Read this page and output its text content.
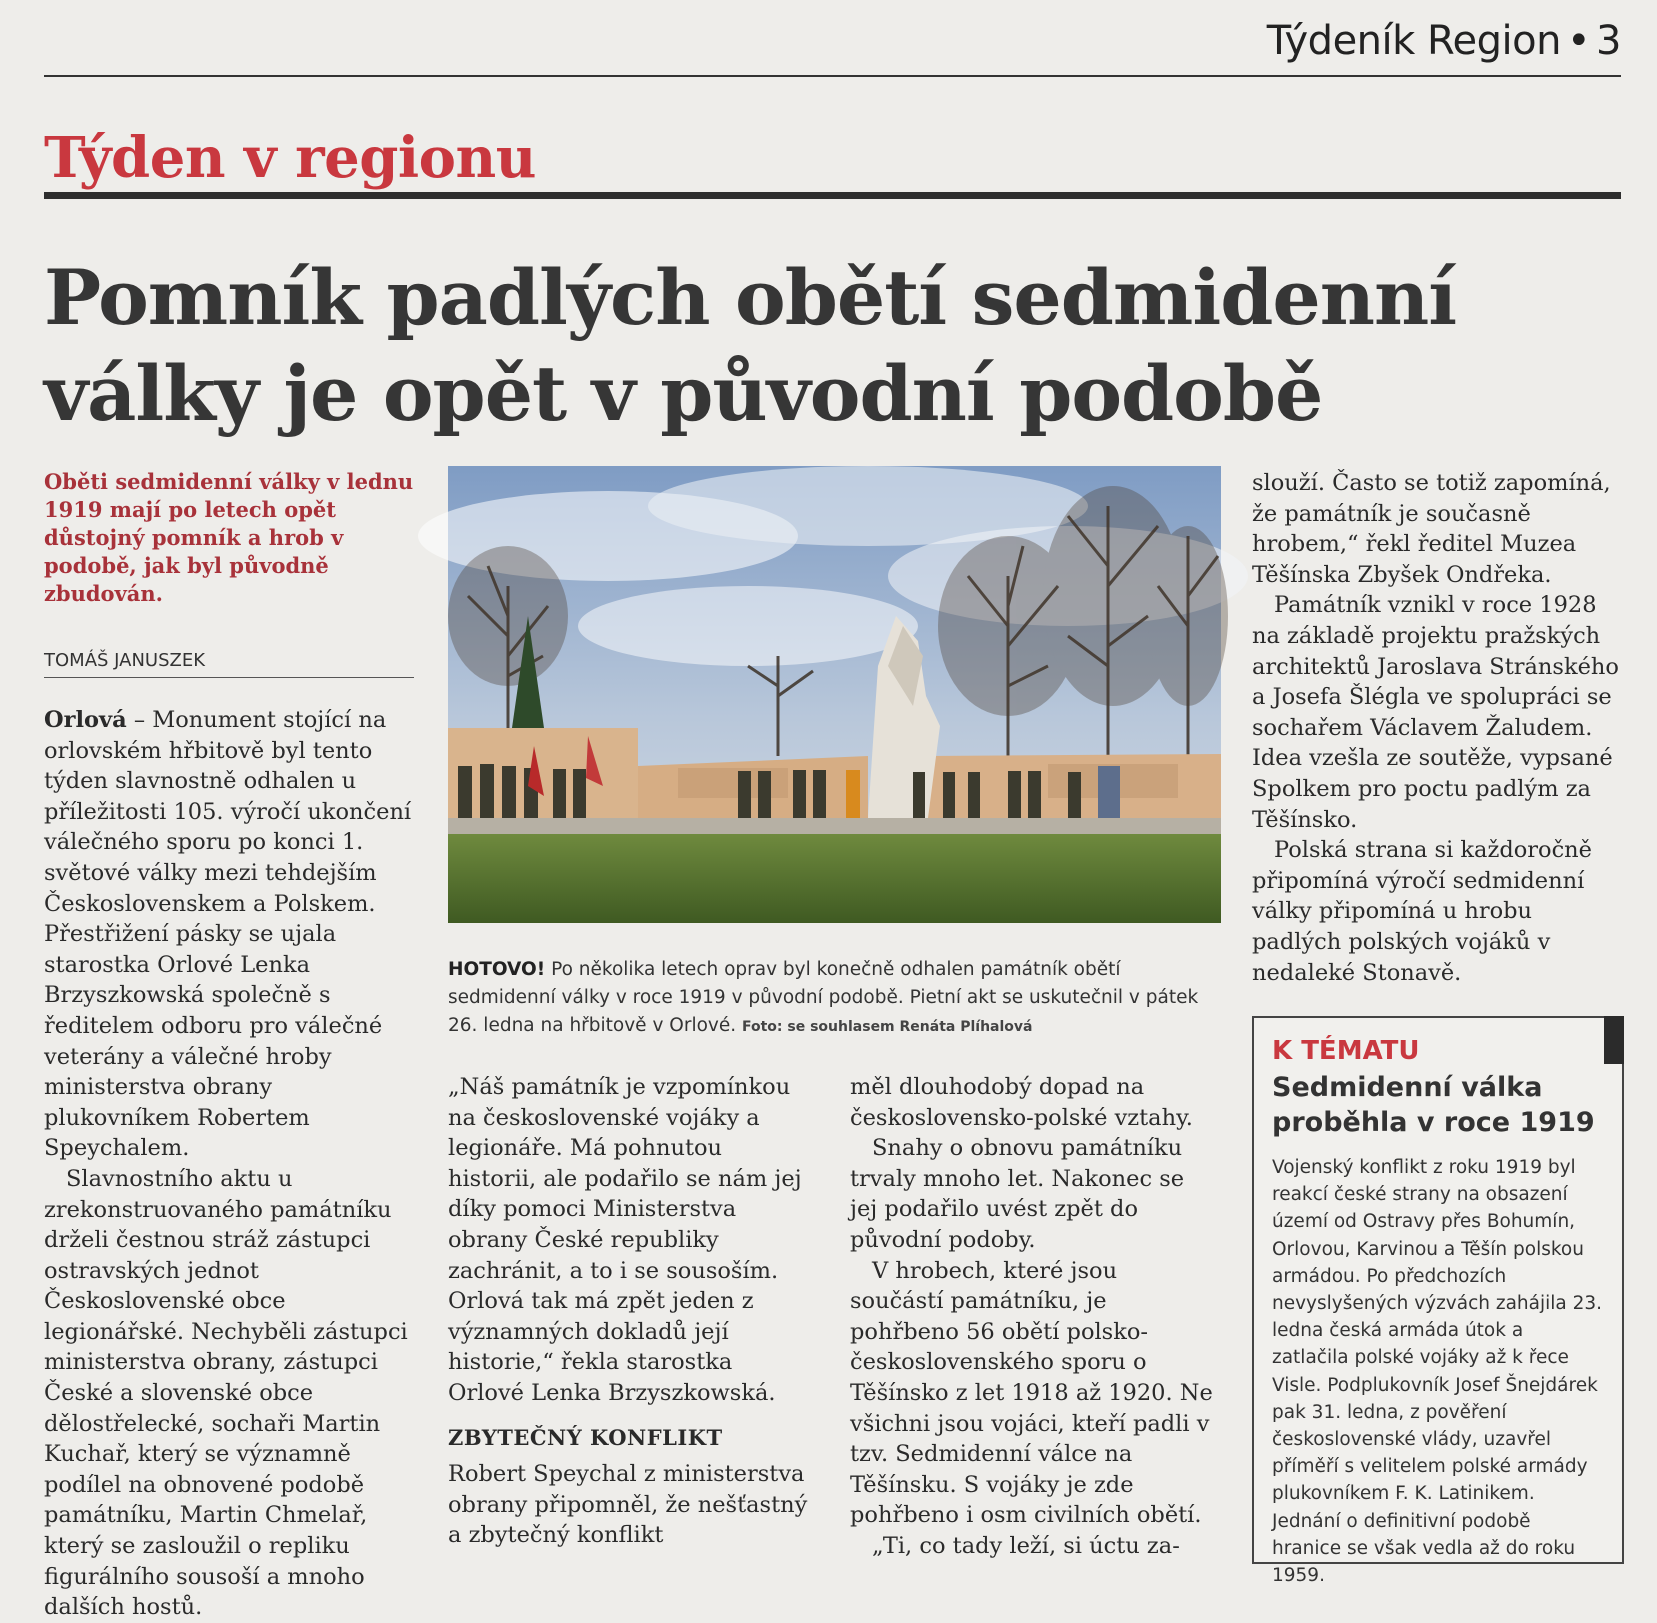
Týdeník Region • 3
Týden v regionu
Pomník padlých obětí sedmidenní
války je opět v původní podobě
Oběti sedmidenní války v lednu 1919 mají po letech opět důstojný pomník a hrob v podobě, jak byl původně zbudován.
TOMÁŠ JANUSZEK

Orlová – Monument stojící na orlovském hřbitově byl tento týden slavnostně odhalen u příležitosti 105. výročí ukončení válečného sporu po konci 1. světové války mezi tehdejším Československem a Polskem. Přestřižení pásky se ujala starostka Orlové Lenka Brzyszkowská společně s ředitelem odboru pro válečné veterány a válečné hroby ministerstva obrany plukovníkem Robertem Speychalem.

Slavnostního aktu u zrekonstruovaného památníku drželi čestnou stráž zástupci ostravských jednot Československé obce legionářské. Nechyběli zástupci ministerstva obrany, zástupci České a slovenské obce dělostřelecké, sochaři Martin Kuchař, který se významně podílel na obnovené podobě památníku, Martin Chmelař, který se zasloužil o repliku figurálního sousoší a mnoho dalších hostů.

HOTOVO! Po několika letech oprav byl konečně odhalen památník obětí sedmidenní války v roce 1919 v původní podobě. Pietní akt se uskutečnil v pátek 26. ledna na hřbitově v Orlové. Foto: se souhlasem Renáta Plíhalová

„Náš památník je vzpomínkou na československé vojáky a legionáře. Má pohnutou historii, ale podařilo se nám jej díky pomoci Ministerstva obrany České republiky zachránit, a to i se sousoším. Orlová tak má zpět jeden z významných dokladů její historie,“ řekla starostka Orlové Lenka Brzyszkowská.

ZBYTEČNÝ KONFLIKT

Robert Speychal z ministerstva obrany připomněl, že nešťastný a zbytečný konflikt

měl dlouhodobý dopad na československo-polské vztahy.

Snahy o obnovu památníku trvaly mnoho let. Nakonec se jej podařilo uvést zpět do původní podoby.

V hrobech, které jsou součástí památníku, je pohřbeno 56 obětí polsko-československého sporu o Těšínsko z let 1918 až 1920. Ne všichni jsou vojáci, kteří padli v tzv. Sedmidenní válce na Těšínsku. S vojáky je zde pohřbeno i osm civilních obětí.

„Ti, co tady leží, si úctu za-

slouží. Často se totiž zapomíná, že památník je současně hrobem,“ řekl ředitel Muzea Těšínska Zbyšek Ondřeka.

Památník vznikl v roce 1928 na základě projektu pražských architektů Jaroslava Stránského a Josefa Šlégla ve spolupráci se sochařem Václavem Žaludem. Idea vzešla ze soutěže, vypsané Spolkem pro poctu padlým za Těšínsko.

Polská strana si každoročně připomíná výročí sedmidenní války připomíná u hrobu padlých polských vojáků v nedaleké Stonavě.

K TÉMATU
Sedmidenní válka proběhla v roce 1919
Vojenský konflikt z roku 1919 byl reakcí české strany na obsazení území od Ostravy přes Bohumín, Orlovou, Karvinou a Těšín polskou armádou. Po předchozích nevyslyšených výzvách zahájila 23. ledna česká armáda útok a zatlačila polské vojáky až k řece Visle. Podplukovník Josef Šnejdárek pak 31. ledna, z pověření československé vlády, uzavřel příměří s velitelem polské armády plukovníkem F. K. Latinikem. Jednání o definitivní podobě hranice se však vedla až do roku 1959.
